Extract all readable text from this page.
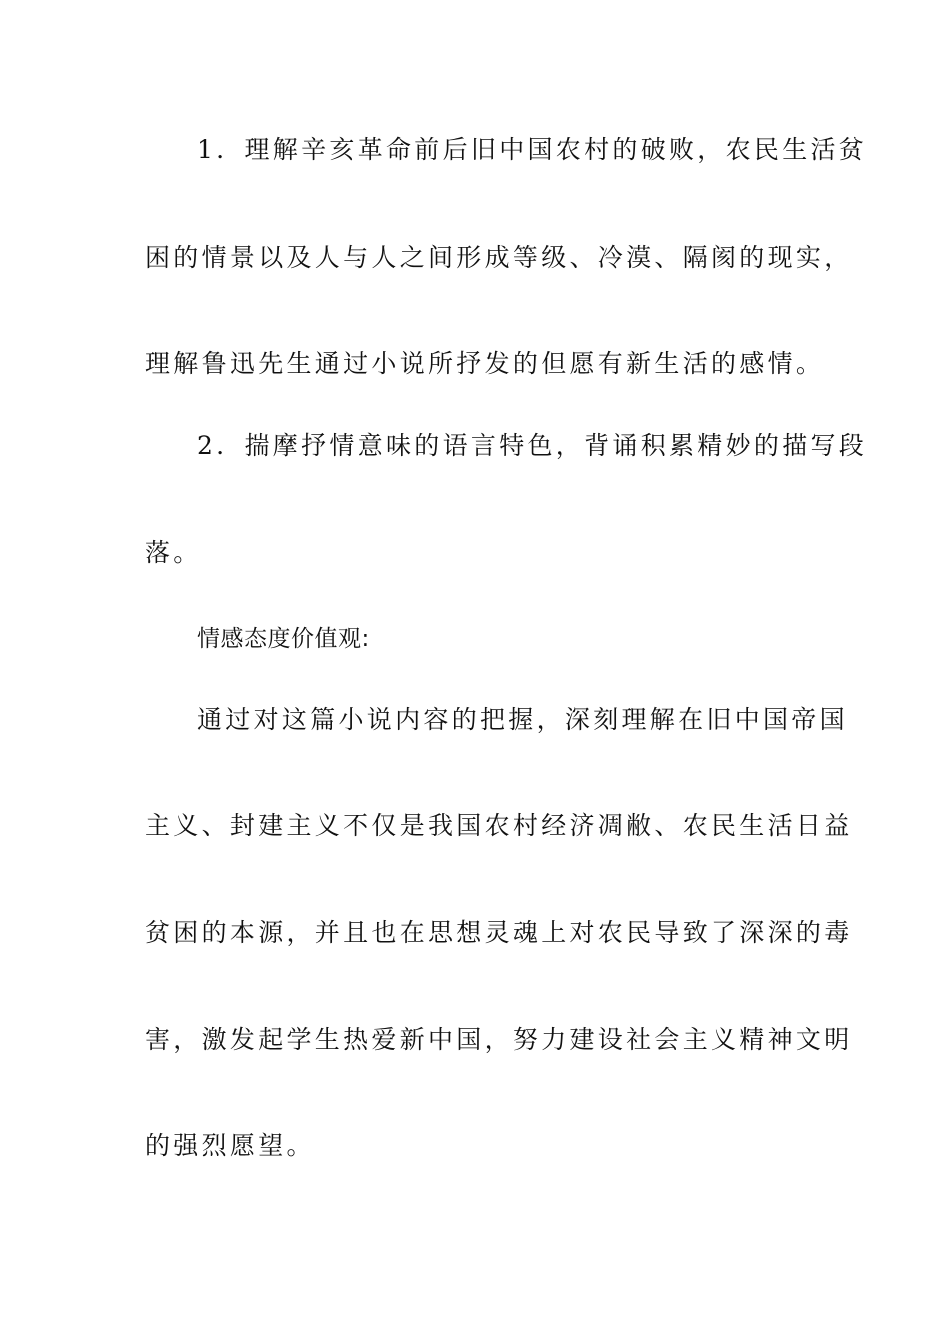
1．理解辛亥革命前后旧中国农村的破败，农民生活贫
困的情景以及人与人之间形成等级、冷漠、隔阂的现实，
理解鲁迅先生通过小说所抒发的但愿有新生活的感情。
2．揣摩抒情意味的语言特色，背诵积累精妙的描写段
落。
情感态度价值观:
通过对这篇小说内容的把握，深刻理解在旧中国帝国
主义、封建主义不仅是我国农村经济凋敝、农民生活日益
贫困的本源，并且也在思想灵魂上对农民导致了深深的毒
害，激发起学生热爱新中国，努力建设社会主义精神文明
的强烈愿望。
